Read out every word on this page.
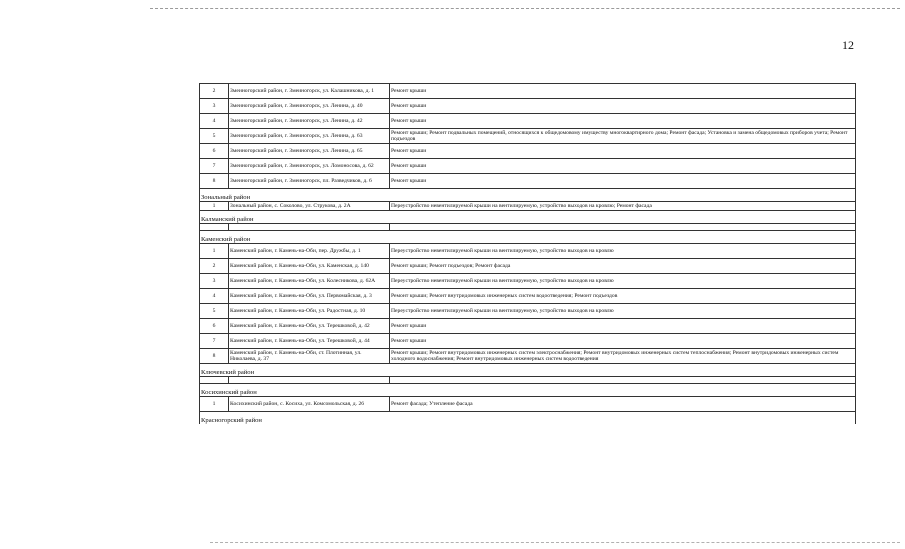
12
2	Змеиногорский район, г. Змеиногорск, ул. Калашникова, д. 1	Ремонт крыши
3	Змеиногорский район, г. Змеиногорск, ул. Ленина, д. 40	Ремонт крыши
4	Змеиногорский район, г. Змеиногорск, ул. Ленина, д. 42	Ремонт крыши
5	Змеиногорский район, г. Змеиногорск, ул. Ленина, д. 63	Ремонт крыши; Ремонт подвальных помещений, относящихся к общедомовому имуществу многоквартирного дома; Ремонт фасада; Установка и замена общедомовых приборов учета; Ремонт подъездов
6	Змеиногорский район, г. Змеиногорск, ул. Ленина, д. 65	Ремонт крыши
7	Змеиногорский район, г. Змеиногорск, ул. Ломоносова, д. 62	Ремонт крыши
8	Змеиногорский район, г. Змеиногорск, пл. Разведчиков, д. 6	Ремонт крыши
Зональный район		
1	Зональный район, с. Соколово, ул. Струкова, д. 2А	Переустройство невентилируемой крыши на вентилируемую, устройство выходов на кровлю; Ремонт фасада
Калманский район		

Каменский район		
1	Каменский район, г. Камень-на-Оби, пер. Дружбы, д. 1	Переустройство невентилируемой крыши на вентилируемую, устройство выходов на кровлю
2	Каменский район, г. Камень-на-Оби, ул. Каменская, д. 140	Ремонт крыши; Ремонт подъездов; Ремонт фасада
3	Каменский район, г. Камень-на-Оби, ул. Колесникова, д. 62А	Переустройство невентилируемой крыши на вентилируемую, устройство выходов на кровлю
4	Каменский район, г. Камень-на-Оби, ул. Первомайская, д. 3	Ремонт крыши; Ремонт внутридомовых инженерных систем водоотведения; Ремонт подъездов
5	Каменский район, г. Камень-на-Оби, ул. Радостная, д. 10	Переустройство невентилируемой крыши на вентилируемую, устройство выходов на кровлю
6	Каменский район, г. Камень-на-Оби, ул. Терешковой, д. 42	Ремонт крыши
7	Каменский район, г. Камень-на-Оби, ул. Терешковой, д. 44	Ремонт крыши
8	Каменский район, г. Камень-на-Оби, ст. Плотинная, ул. Николаева, д. 37	Ремонт крыши; Ремонт внутридомовых инженерных систем электроснабжения; Ремонт внутридомовых инженерных систем теплоснабжения; Ремонт внутридомовых инженерных систем холодного водоснабжения; Ремонт внутридомовых инженерных систем водоотведения
Ключевский район		

Косихинский район		
1	Косихинский район, с. Косиха, ул. Комсомольская, д. 26	Ремонт фасада; Утепление фасада
Красногорский район		
